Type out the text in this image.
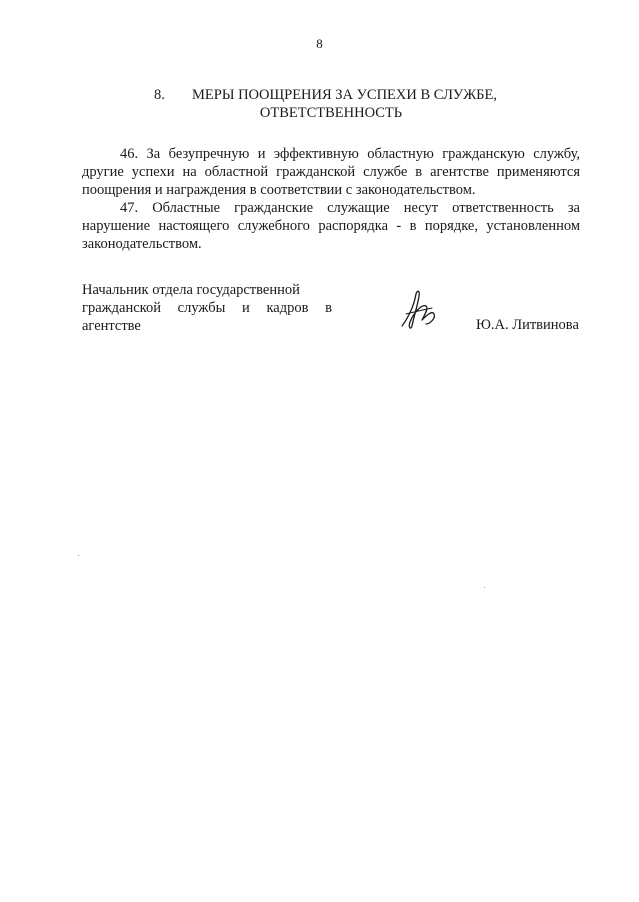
8
8. МЕРЫ ПООЩРЕНИЯ ЗА УСПЕХИ В СЛУЖБЕ,
ОТВЕТСТВЕННОСТЬ
46. За безупречную и эффективную областную гражданскую службу, другие успехи на областной гражданской службе в агентстве применяются поощрения и награждения в соответствии с законодательством.
47. Областные гражданские служащие несут ответственность за нарушение настоящего служебного распорядка - в порядке, установленном законодательством.
Начальник отдела государственной
гражданской службы и кадров в
агентстве	Ю.А. Литвинова
